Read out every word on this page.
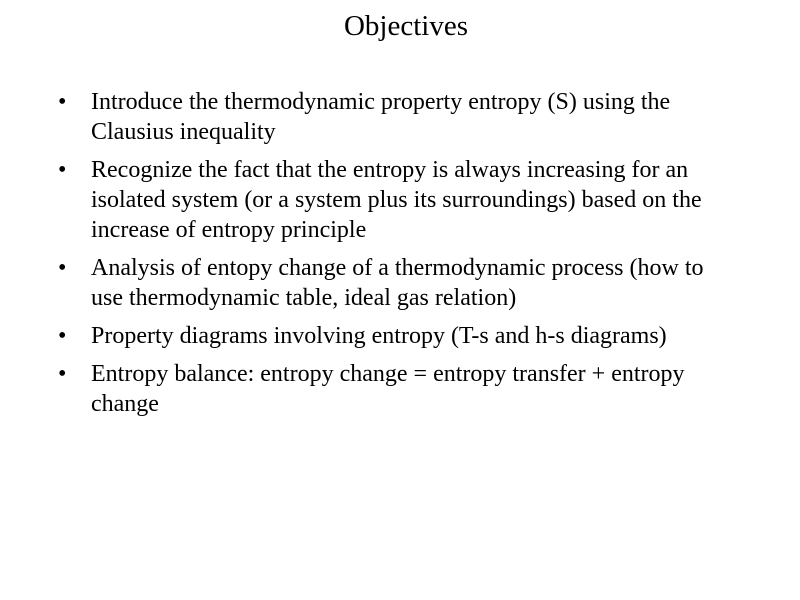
Objectives
•	Introduce the thermodynamic property entropy (S) using the Clausius inequality
•	Recognize the fact that the entropy is always increasing for an isolated system (or a system plus its surroundings) based on the increase of entropy principle
•	Analysis of entopy change of a thermodynamic process (how to use thermodynamic table, ideal gas relation)
•	Property diagrams involving entropy (T-s and h-s diagrams)
•	Entropy balance: entropy change = entropy transfer + entropy change
